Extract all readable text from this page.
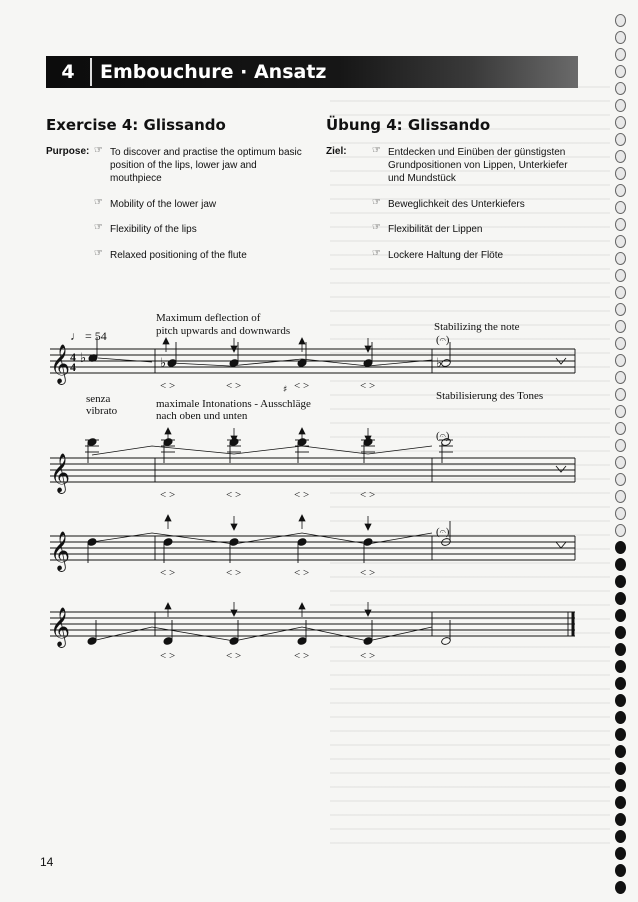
4	Embouchure · Ansatz
Exercise 4: Glissando	Übung 4: Glissando
Purpose:	Ziel:
☞ To discover and practise the optimum basic position of the lips, lower jaw and mouthpiece
☞ Mobility of the lower jaw
☞ Flexibility of the lips
☞ Relaxed positioning of the flute
☞ Entdecken und Einüben der günstigsten Grundpositionen von Lippen, Unterkiefer und Mundstück
☞ Beweglichkeit des Unterkiefers
☞ Flexibilität der Lippen
☞ Lockere Haltung der Flöte
Maximum deflection of
pitch upwards and downwards	Stabilizing the note
♩ = 54
senza
vibrato
maximale Intonations - Ausschläge
nach oben und unten
Stabilisierung des Tones
< >	< >	< >	< >
< >	< >	< >	< >
< >	< >	< >	< >
< >	< >	< >	< >
(𝄐)
(𝄐)
(𝄐)
𝄞
𝄞
𝄞
𝄞
♭	♭	♭
♯
4
4
14
